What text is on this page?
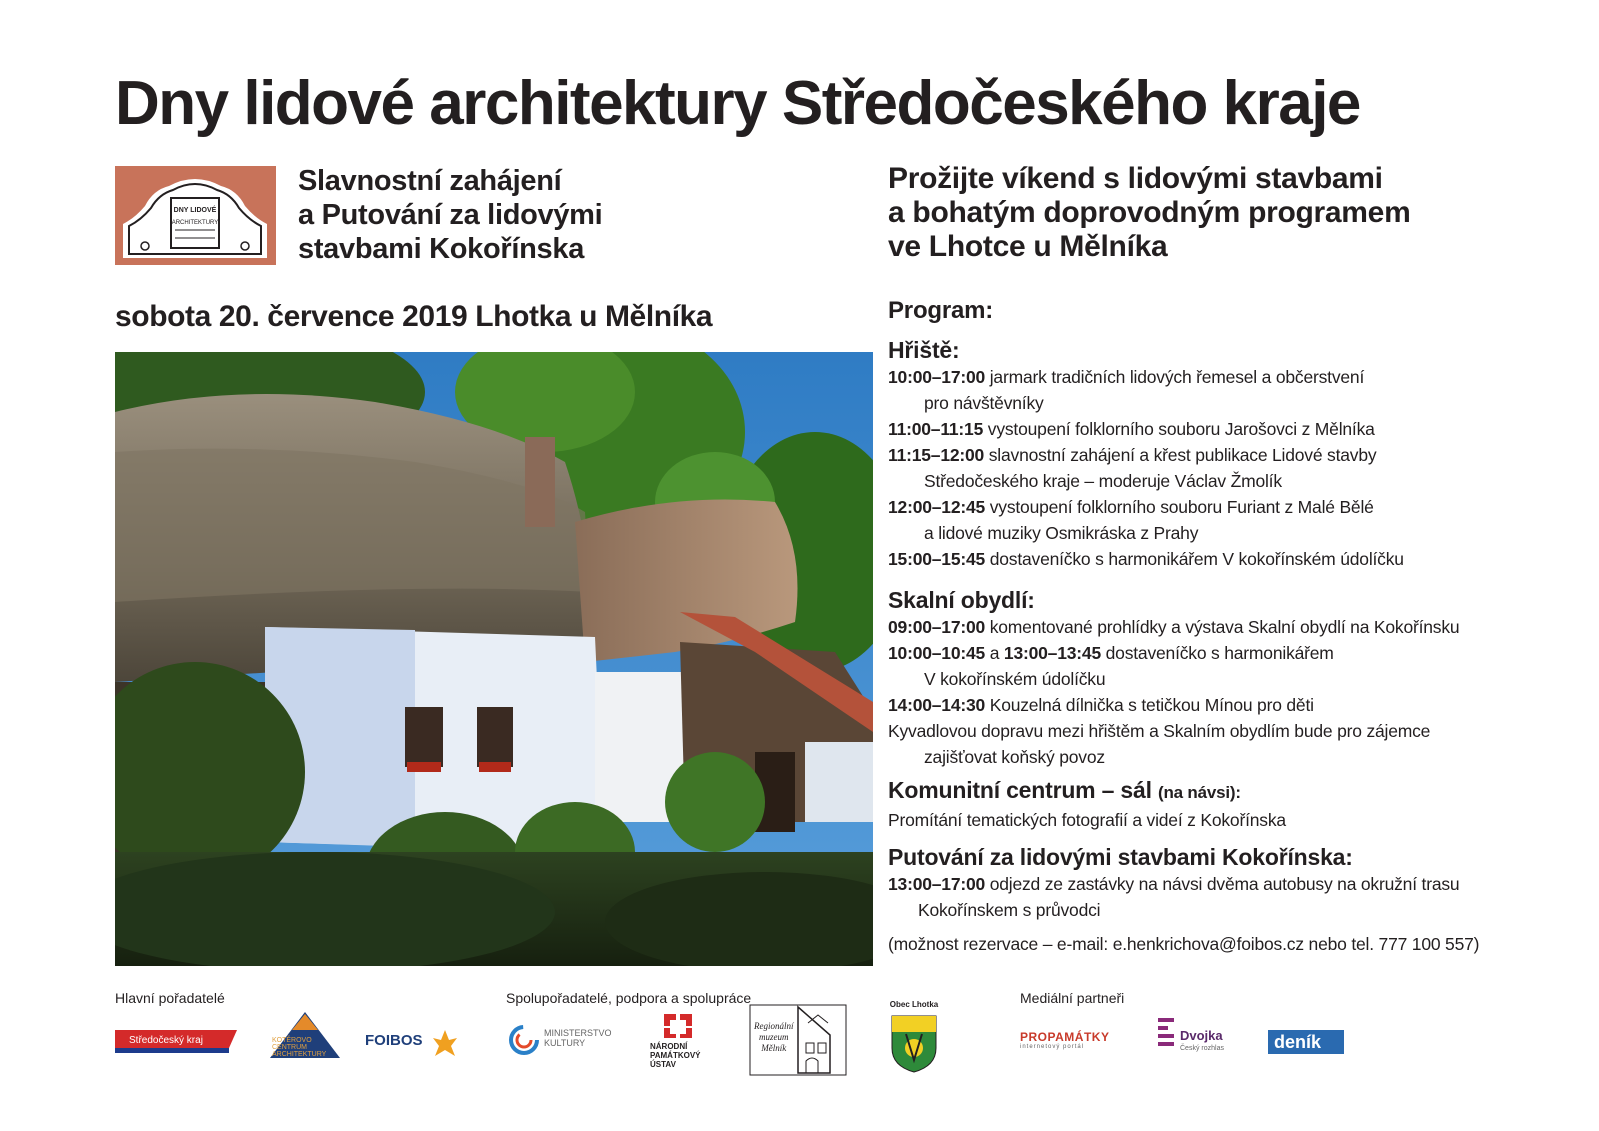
Dny lidové architektury Středočeského kraje
DNY LIDOVÉ
ARCHITEKTURY
Slavnostní zahájení
a Putování za lidovými
stavbami Kokořínska
Prožijte víkend s lidovými stavbami
a bohatým doprovodným programem
ve Lhotce u Mělníka
sobota 20. července 2019 Lhotka u Mělníka	Program:
Hřiště:
10:00–17:00 jarmark tradičních lidových řemesel a občerstvení
pro návštěvníky
11:00–11:15 vystoupení folklorního souboru Jarošovci z Mělníka
11:15–12:00 slavnostní zahájení a křest publikace Lidové stavby
Středočeského kraje – moderuje Václav Žmolík
12:00–12:45 vystoupení folklorního souboru Furiant z Malé Bělé
a lidové muziky Osmikráska z Prahy
15:00–15:45 dostaveníčko s harmonikářem V kokořínském údolíčku
Skalní obydlí:
09:00–17:00 komentované prohlídky a výstava Skalní obydlí na Kokořínsku
10:00–10:45 a 13:00–13:45 dostaveníčko s harmonikářem
V kokořínském údolíčku
14:00–14:30 Kouzelná dílnička s tetičkou Mínou pro děti
Kyvadlovou dopravu mezi hřištěm a Skalním obydlím bude pro zájemce
zajišťovat koňský povoz
Komunitní centrum – sál (na návsi):
Promítání tematických fotografií a videí z Kokořínska
Putování za lidovými stavbami Kokořínska:
13:00–17:00 odjezd ze zastávky na návsi dvěma autobusy na okružní trasu
Kokořínskem s průvodci
(možnost rezervace – e-mail: e.henkrichova@foibos.cz nebo tel. 777 100 557)
Hlavní pořadatelé	Spolupořadatelé, podpora a spolupráce	Mediální partneři
Středočeský kraj	KOTĚROVO
CENTRUM
ARCHITEKTURY
FOIBOS	MINISTERSTVO
KULTURY	NÁRODNÍ
PAMÁTKOVÝ
ÚSTAV
Regionální
muzeum
Mělník
Obec Lhotka
PROPAMÁTKY
internetový portál
Dvojka
Český rozhlas	deník
